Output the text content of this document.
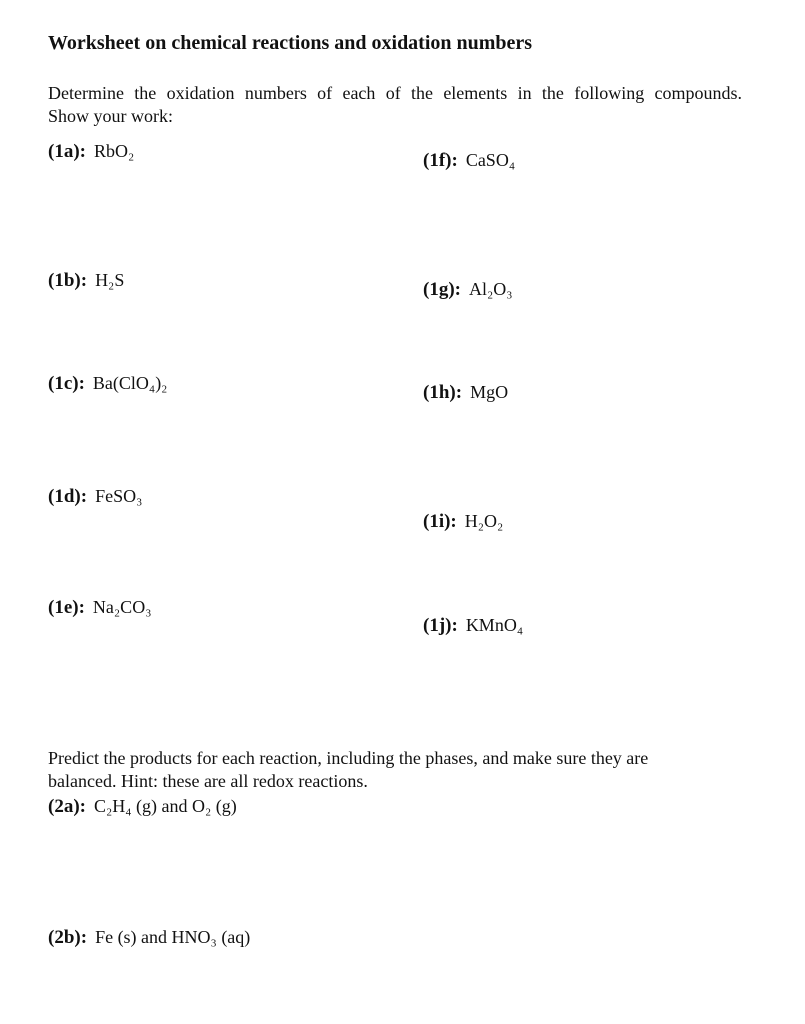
Worksheet on chemical reactions and oxidation numbers
Determine the oxidation numbers of each of the elements in the following compounds.
Show your work:
(1a): RbO₂
(1b): H₂S
(1c): Ba(ClO₄)₂
(1d): FeSO₃
(1e): Na₂CO₃
(1f): CaSO₄
(1g): Al₂O₃
(1h): MgO
(1i): H₂O₂
(1j): KMnO₄
Predict the products for each reaction, including the phases, and make sure they are
balanced. Hint: these are all redox reactions.
(2a): C₂H₄ (g) and O₂ (g)
(2b): Fe (s) and HNO₃ (aq)
